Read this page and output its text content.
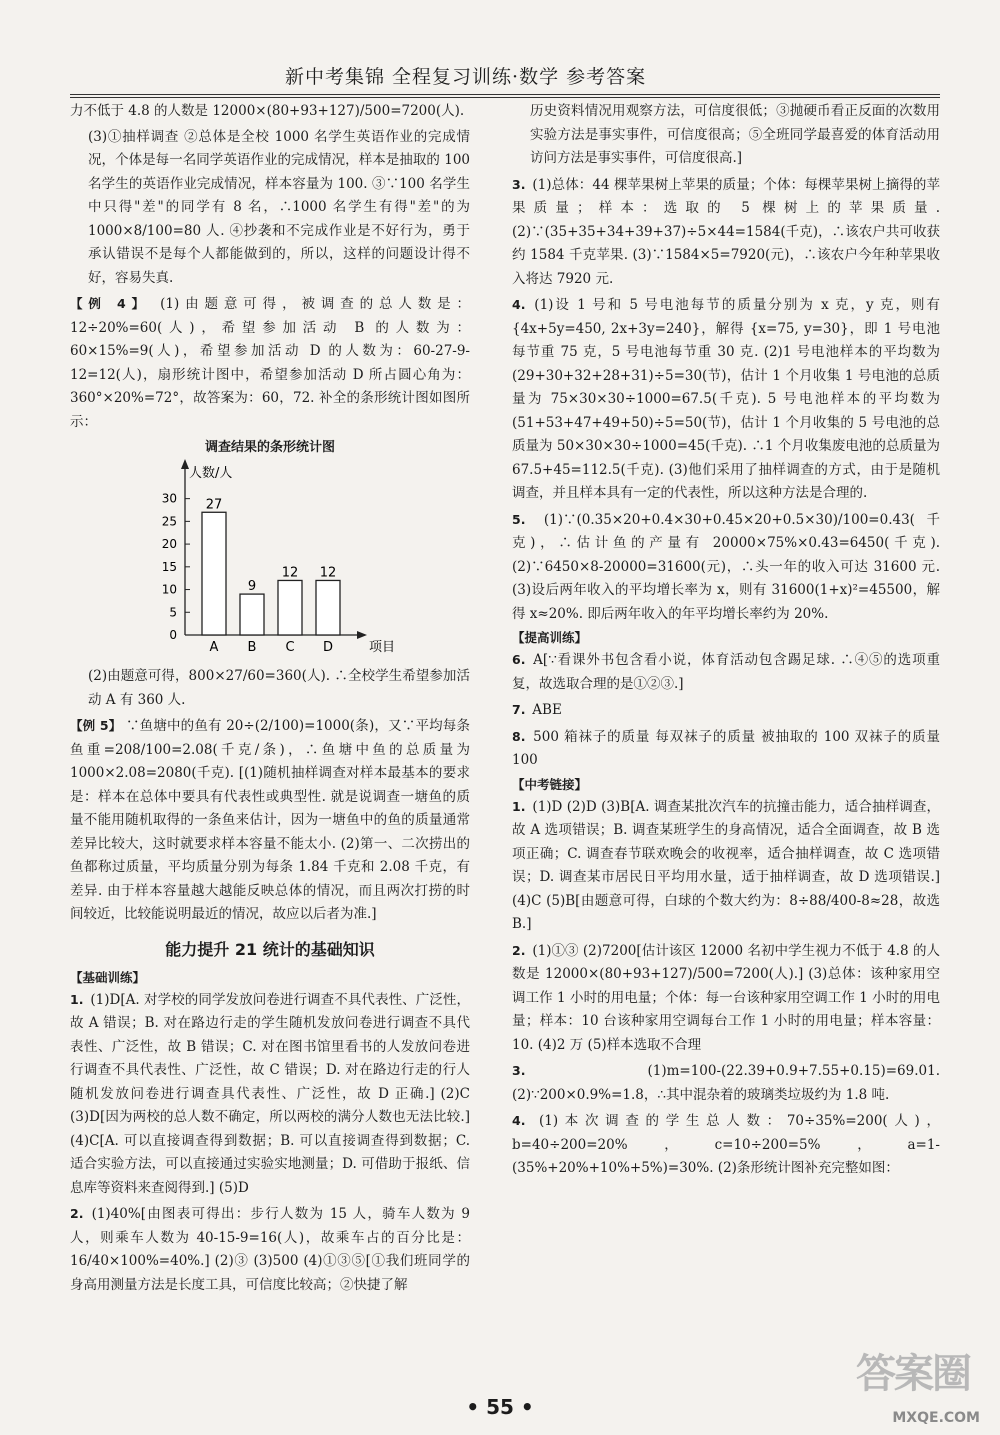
新中考集锦 全程复习训练·数学 参考答案

力不低于 4.8 的人数是 12000×(80+93+127)/500=7200(人).

(3)①抽样调查 ②总体是全校 1000 名学生英语作业的完成情况，个体是每一名同学英语作业的完成情况，样本是抽取的 100 名学生的英语作业完成情况，样本容量为 100. ③∵100 名学生中只得"差"的同学有 8 名，∴1000 名学生有得"差"的为 1000×8/100=80 人. ④抄袭和不完成作业是不好行为，勇于承认错误不是每个人都能做到的，所以，这样的问题设计得不好，容易失真.

【例 4】 (1)由题意可得，被调查的总人数是：12÷20%=60(人)，希望参加活动 B 的人数为：60×15%=9(人)，希望参加活动 D 的人数为：60-27-9-12=12(人)，扇形统计图中，希望参加活动 D 所占圆心角为：360°×20%=72°，故答案为：60，72. 补全的条形统计图如图所示：

调查结果的条形统计图
0
5
10
15
20
25
30
人数/人
项目
27
A
9
B
12
C
12
D

(2)由题意可得，800×27/60=360(人). ∴全校学生希望参加活动 A 有 360 人.

【例 5】 ∵鱼塘中的鱼有 20÷(2/100)=1000(条)，又∵平均每条鱼重=208/100=2.08(千克/条)，∴鱼塘中鱼的总质量为 1000×2.08=2080(千克). [(1)随机抽样调查对样本最基本的要求是：样本在总体中要具有代表性或典型性. 就是说调查一塘鱼的质量不能用随机取得的一条鱼来估计，因为一塘鱼中的鱼的质量通常差异比较大，这时就要求样本容量不能太小. (2)第一、二次捞出的鱼都称过质量，平均质量分别为每条 1.84 千克和 2.08 千克，有差异. 由于样本容量越大越能反映总体的情况，而且两次打捞的时间较近，比较能说明最近的情况，故应以后者为准.]

能力提升 21 统计的基础知识
【基础训练】

1. (1)D[A. 对学校的同学发放问卷进行调查不具代表性、广泛性，故 A 错误；B. 对在路边行走的学生随机发放问卷进行调查不具代表性、广泛性，故 B 错误；C. 对在图书馆里看书的人发放问卷进行调查不具代表性、广泛性，故 C 错误；D. 对在路边行走的行人随机发放问卷进行调查具代表性、广泛性，故 D 正确.] (2)C (3)D[因为两校的总人数不确定，所以两校的满分人数也无法比较.] (4)C[A. 可以直接调查得到数据；B. 可以直接调查得到数据；C. 适合实验方法，可以直接通过实验实地测量；D. 可借助于报纸、信息库等资料来查阅得到.] (5)D

2. (1)40%[由图表可得出：步行人数为 15 人，骑车人数为 9 人，则乘车人数为 40-15-9=16(人)，故乘车占的百分比是：16/40×100%=40%.] (2)③ (3)500 (4)①③⑤[①我们班同学的身高用测量方法是长度工具，可信度比较高；②快捷了解

历史资料情况用观察方法，可信度很低；③抛硬币看正反面的次数用实验方法是事实事件，可信度很高；⑤全班同学最喜爱的体育活动用访问方法是事实事件，可信度很高.]

3. (1)总体：44 棵苹果树上苹果的质量；个体：每棵苹果树上摘得的苹果质量；样本：选取的 5 棵树上的苹果质量. (2)∵(35+35+34+39+37)÷5×44=1584(千克)，∴该农户共可收获约 1584 千克苹果. (3)∵1584×5=7920(元)，∴该农户今年种苹果收入将达 7920 元.

4. (1)设 1 号和 5 号电池每节的质量分别为 x 克，y 克，则有 {4x+5y=450, 2x+3y=240}，解得 {x=75, y=30}，即 1 号电池每节重 75 克，5 号电池每节重 30 克. (2)1 号电池样本的平均数为(29+30+32+28+31)÷5=30(节)，估计 1 个月收集 1 号电池的总质量为 75×30×30÷1000=67.5(千克). 5 号电池样本的平均数为(51+53+47+49+50)÷5=50(节)，估计 1 个月收集的 5 号电池的总质量为 50×30×30÷1000=45(千克). ∴1 个月收集废电池的总质量为 67.5+45=112.5(千克). (3)他们采用了抽样调查的方式，由于是随机调查，并且样本具有一定的代表性，所以这种方法是合理的.

5. (1)∵(0.35×20+0.4×30+0.45×20+0.5×30)/100=0.43(千克)，∴估计鱼的产量有 20000×75%×0.43=6450(千克). (2)∵6450×8-20000=31600(元)，∴头一年的收入可达 31600 元. (3)设后两年收入的平均增长率为 x，则有 31600(1+x)²=45500，解得 x≈20%. 即后两年收入的年平均增长率约为 20%.

【提高训练】

6. A[∵看课外书包含看小说，体育活动包含踢足球. ∴④⑤的选项重复，故选取合理的是①②③.]

7. ABE

8. 500 箱袜子的质量 每双袜子的质量 被抽取的 100 双袜子的质量 100

【中考链接】

1. (1)D (2)D (3)B[A. 调查某批次汽车的抗撞击能力，适合抽样调查，故 A 选项错误；B. 调查某班学生的身高情况，适合全面调查，故 B 选项正确；C. 调查春节联欢晚会的收视率，适合抽样调查，故 C 选项错误；D. 调查某市居民日平均用水量，适于抽样调查，故 D 选项错误.] (4)C (5)B[由题意可得，白球的个数大约为：8÷88/400-8≈28，故选 B.]

2. (1)①③ (2)7200[估计该区 12000 名初中学生视力不低于 4.8 的人数是 12000×(80+93+127)/500=7200(人).] (3)总体：该种家用空调工作 1 小时的用电量；个体：每一台该种家用空调工作 1 小时的用电量；样本：10 台该种家用空调每台工作 1 小时的用电量；样本容量：10. (4)2 万 (5)样本选取不合理

3.	(1)m=100-(22.39+0.9+7.55+0.15)=69.01. (2)∵200×0.9%=1.8，∴其中混杂着的玻璃类垃圾约为 1.8 吨.

4. (1)本次调查的学生总人数：70÷35%=200(人)，b=40÷200=20%，c=10÷200=5%，a=1-(35%+20%+10%+5%)=30%. (2)条形统计图补充完整如图：

• 55 •
答案圈
MXQE.COM
